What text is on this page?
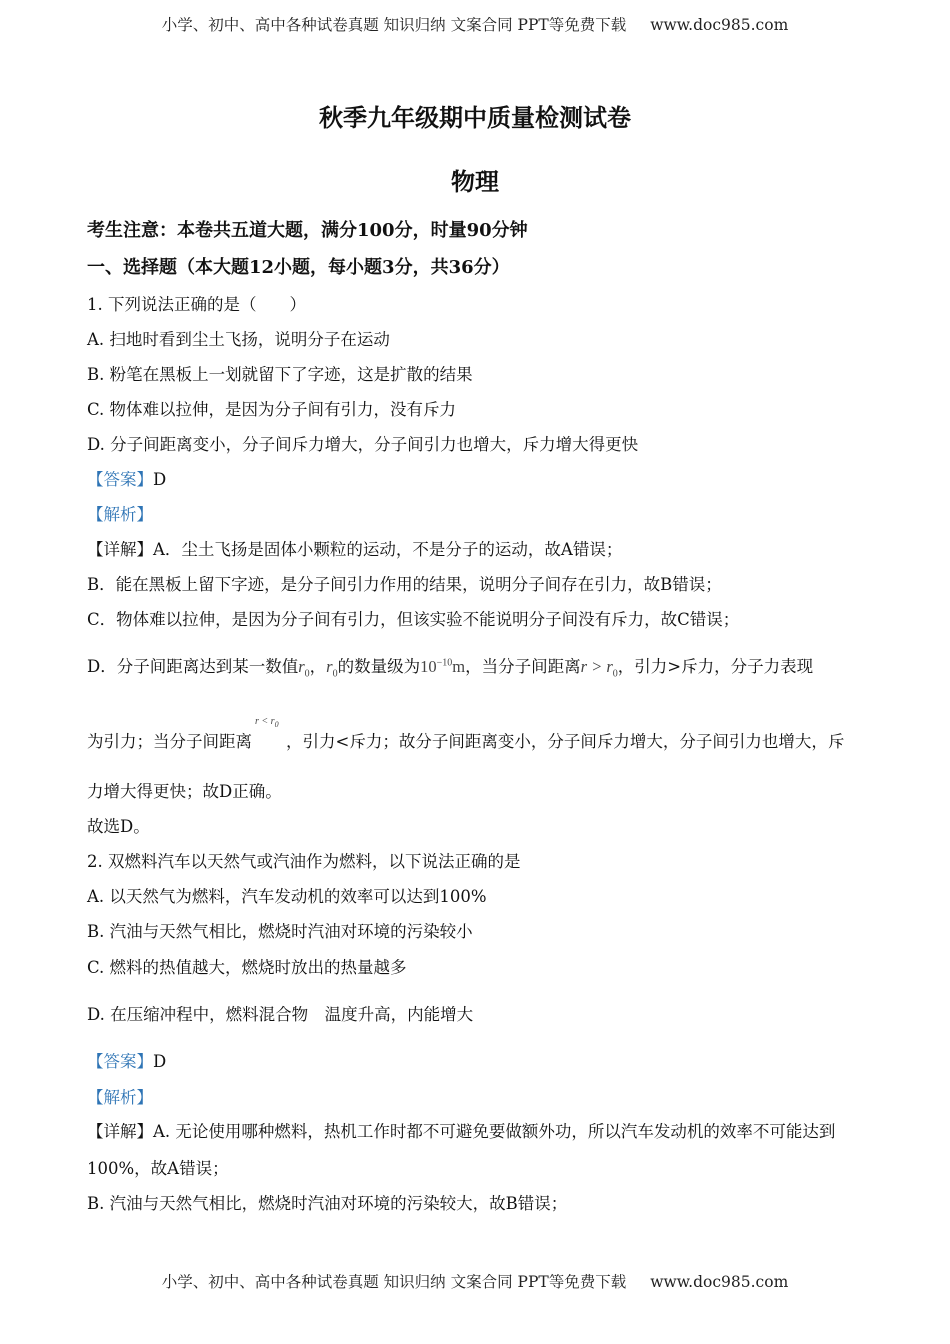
小学、初中、高中各种试卷真题 知识归纳 文案合同 PPT等免费下载 www.doc985.com
秋季九年级期中质量检测试卷
物理
考生注意：本卷共五道大题，满分100分，时量90分钟
一、选择题（本大题12小题，每小题3分，共36分）
1. 下列说法正确的是（　　）
A. 扫地时看到尘土飞扬，说明分子在运动
B. 粉笔在黑板上一划就留下了字迹，这是扩散的结果
C. 物体难以拉伸，是因为分子间有引力，没有斥力
D. 分子间距离变小，分子间斥力增大，分子间引力也增大，斥力增大得更快
【答案】D
【解析】
【详解】A．尘土飞扬是固体小颗粒的运动，不是分子的运动，故A错误；
B．能在黑板上留下字迹，是分子间引力作用的结果，说明分子间存在引力，故B错误；
C．物体难以拉伸，是因为分子间有引力，但该实验不能说明分子间没有斥力，故C错误；
D．分子间距离达到某一数值$r_0$，$r_0$的数量级为$10^{-10}m$，当分子间距离$r > r_0$，引力>斥力，分子力表现
$r < r_0$
为引力；当分子间距离 ，引力<斥力；故分子间距离变小，分子间斥力增大，分子间引力也增大，斥
力增大得更快；故D正确。
故选D。
2. 双燃料汽车以天然气或汽油作为燃料，以下说法正确的是
A. 以天然气为燃料，汽车发动机的效率可以达到100%
B. 汽油与天然气相比，燃烧时汽油对环境的污染较小
C. 燃料的热值越大，燃烧时放出的热量越多
D. 在压缩冲程中，燃料混合物　温度升高，内能增大
【答案】D
【解析】
【详解】A. 无论使用哪种燃料，热机工作时都不可避免要做额外功，所以汽车发动机的效率不可能达到
100%，故A错误；
B. 汽油与天然气相比，燃烧时汽油对环境的污染较大，故B错误；
小学、初中、高中各种试卷真题 知识归纳 文案合同 PPT等免费下载 www.doc985.com
